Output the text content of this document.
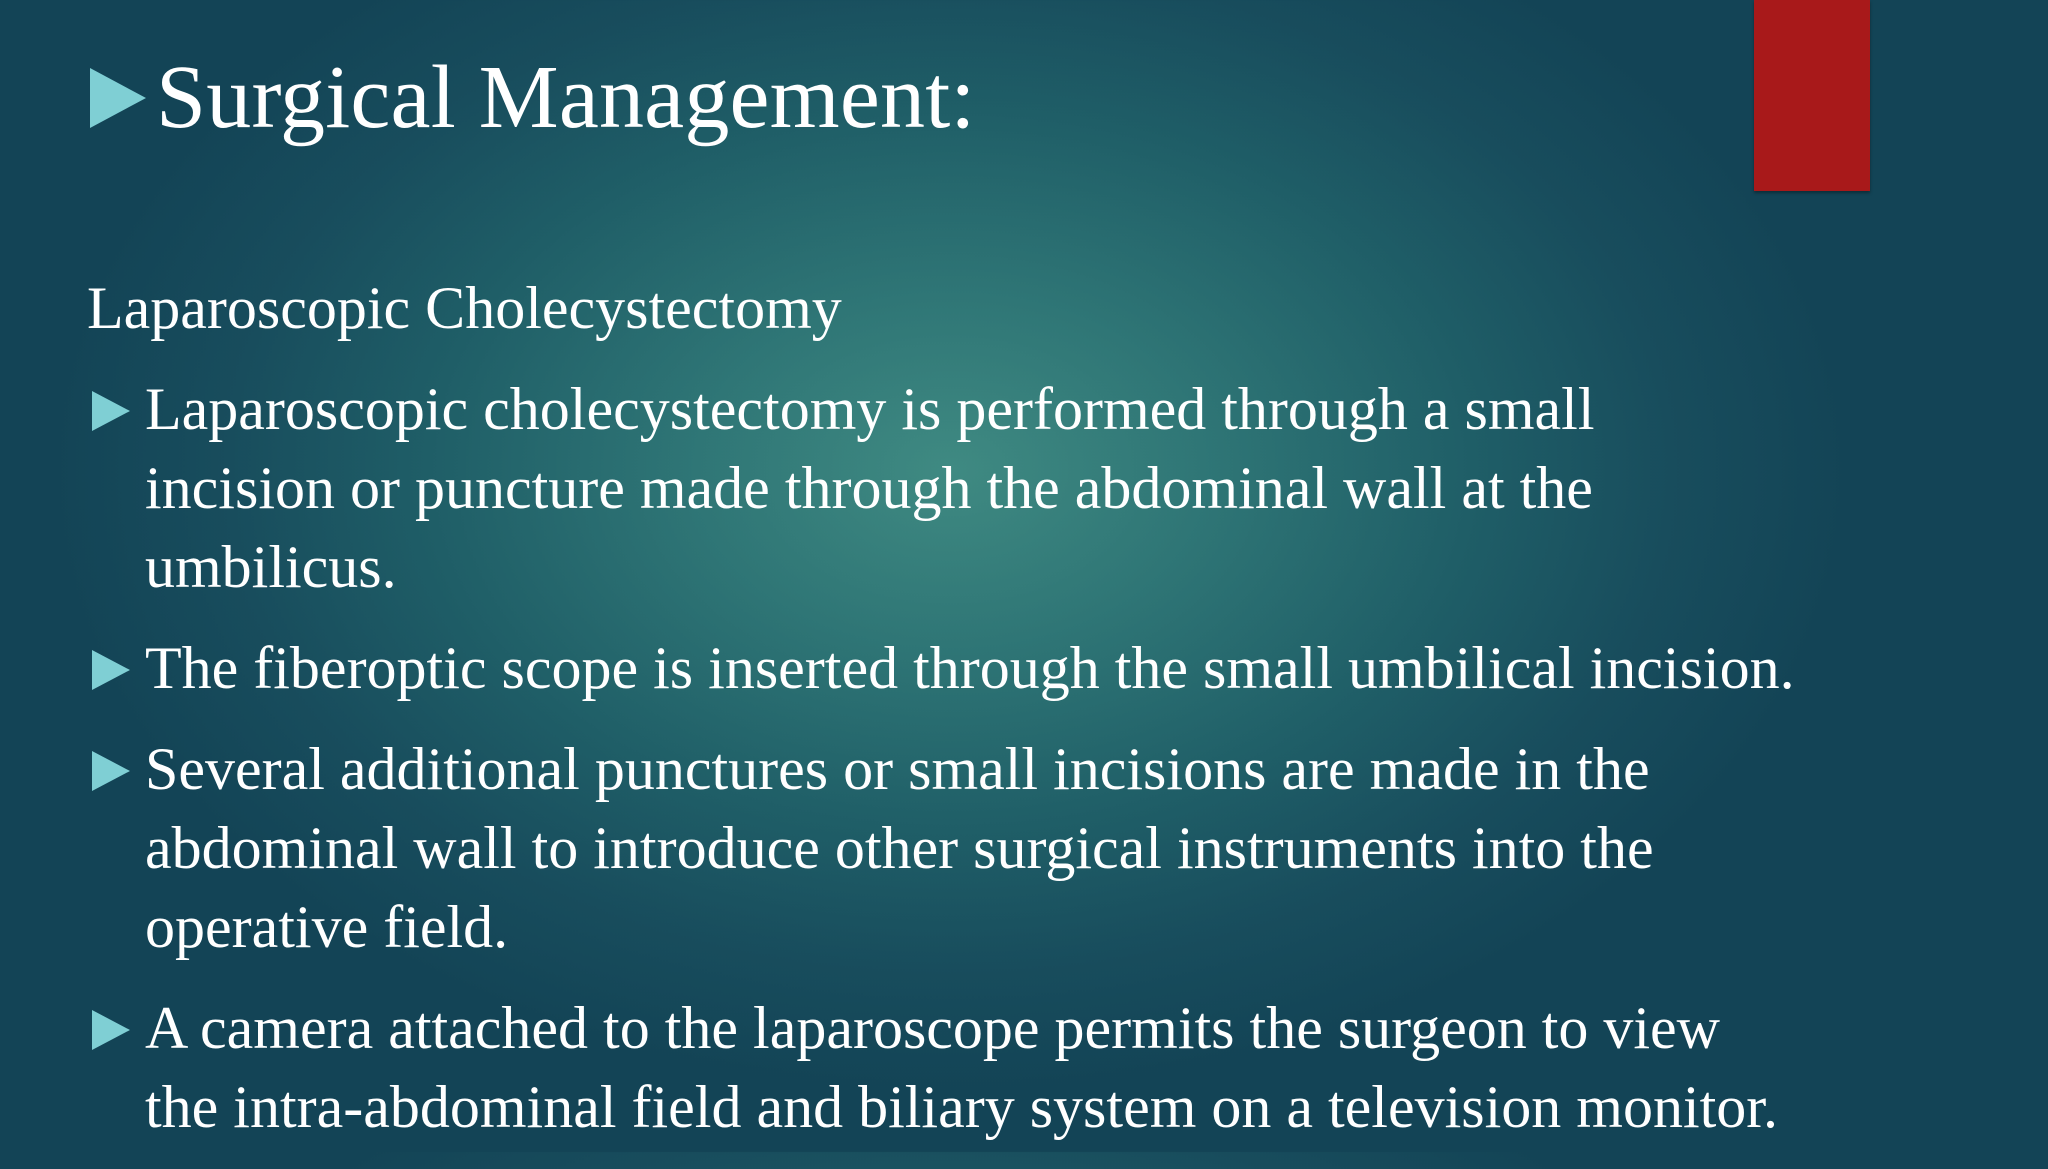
Surgical Management:
Laparoscopic Cholecystectomy
Laparoscopic cholecystectomy is performed through a small
incision or puncture made through the abdominal wall at the
umbilicus.
The fiberoptic scope is inserted through the small umbilical incision.
Several additional punctures or small incisions are made in the
abdominal wall to introduce other surgical instruments into the
operative field.
A camera attached to the laparoscope permits the surgeon to view
the intra-abdominal field and biliary system on a television monitor.
